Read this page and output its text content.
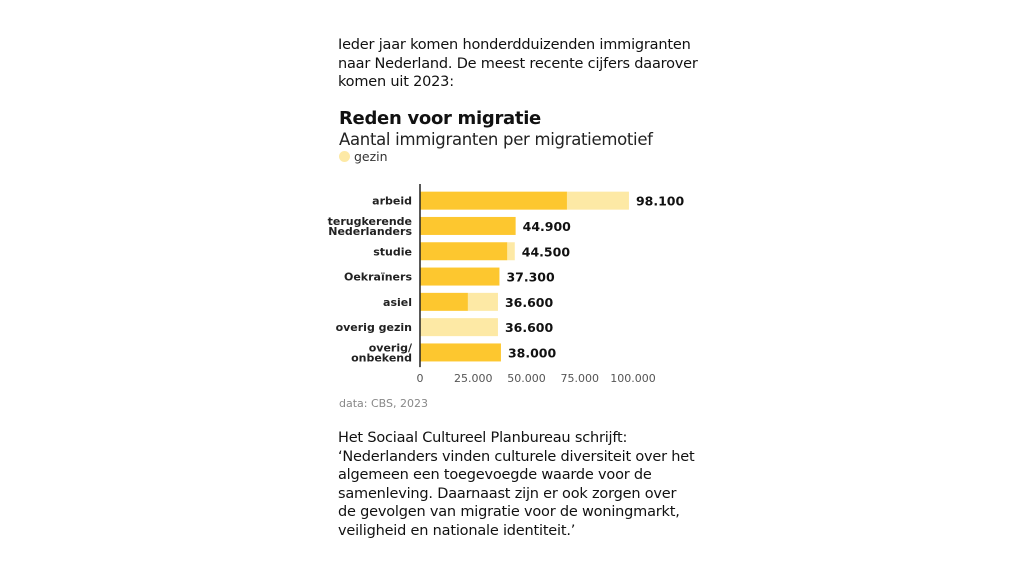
Ieder jaar komen honderdduizenden immigranten naar Nederland. De meest recente cijfers daarover komen uit 2023:

Reden voor migratie
Aantal immigranten per migratiemotief
gezin
arbeid	98.100
terugkerende
Nederlanders	44.900
studie	44.500
Oekraïners	37.300
asiel	36.600
overig gezin	36.600
overig/
onbekend	38.000
0	25.000 50.000 75.000 100.000
data: CBS, 2023

Het Sociaal Cultureel Planbureau schrijft: ‘Nederlanders vinden culturele diversiteit over het algemeen een toegevoegde waarde voor de samenleving. Daarnaast zijn er ook zorgen over de gevolgen van migratie voor de woningmarkt, veiligheid en nationale identiteit.’
